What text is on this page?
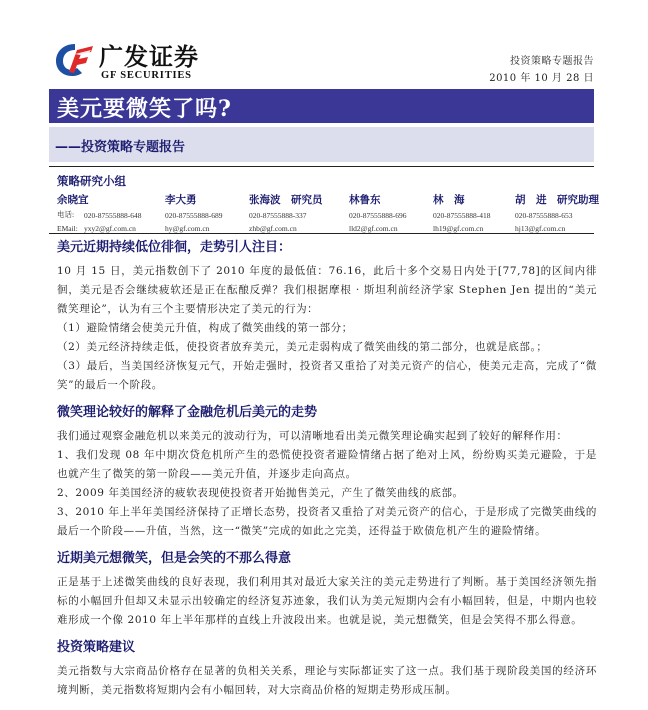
广发证券
GF SECURITIES
投资策略专题报告
2010 年 10 月 28 日
美元要微笑了吗?
——投资策略专题报告
策略研究小组
电话:
EMail:
余晓宜
020-87555888-648
yxy2@gf.com.cn
李大勇
020-87555888-689
hy@gf.com.cn
张海波　研究员
020-87555888-337
zhb@gf.com.cn
林鲁东
020-87555888-696
lld2@gf.com.cn
林　海
020-87555888-418
lh19@gf.com.cn
胡　进　研究助理
020-87555888-653
hj13@gf.com.cn
美元近期持续低位徘徊，走势引人注目：

10 月 15 日，美元指数创下了 2010 年度的最低值：76.16，此后十多个交易日内处于[77,78]的区间内徘徊，美元是否会继续疲软还是正在酝酿反弹？我们根据摩根 · 斯坦利前经济学家 Stephen Jen 提出的“美元微笑理论”，认为有三个主要情形决定了美元的行为：

（1）避险情绪会使美元升值，构成了微笑曲线的第一部分；

（2）美元经济持续走低，使投资者放弃美元，美元走弱构成了微笑曲线的第二部分，也就是底部。；

（3）最后，当美国经济恢复元气，开始走强时，投资者又重拾了对美元资产的信心，使美元走高，完成了“微笑”的最后一个阶段。

微笑理论较好的解释了金融危机后美元的走势

我们通过观察金融危机以来美元的波动行为，可以清晰地看出美元微笑理论确实起到了较好的解释作用：

1、我们发现 08 年中期次贷危机所产生的恐慌使投资者避险情绪占据了绝对上风，纷纷购买美元避险，于是也就产生了微笑的第一阶段——美元升值，并逐步走向高点。

2、2009 年美国经济的疲软表现使投资者开始抛售美元，产生了微笑曲线的底部。

3、2010 年上半年美国经济保持了正增长态势，投资者又重拾了对美元资产的信心，于是形成了完微笑曲线的最后一个阶段——升值，当然，这一“微笑”完成的如此之完美，还得益于欧债危机产生的避险情绪。

近期美元想微笑，但是会笑的不那么得意

正是基于上述微笑曲线的良好表现，我们利用其对最近大家关注的美元走势进行了判断。基于美国经济领先指标的小幅回升但却又未显示出较确定的经济复苏迹象，我们认为美元短期内会有小幅回转，但是，中期内也较难形成一个像 2010 年上半年那样的直线上升波段出来。也就是说，美元想微笑，但是会笑得不那么得意。

投资策略建议

美元指数与大宗商品价格存在显著的负相关关系，理论与实际都证实了这一点。我们基于现阶段美国的经济环境判断，美元指数将短期内会有小幅回转，对大宗商品价格的短期走势形成压制。
